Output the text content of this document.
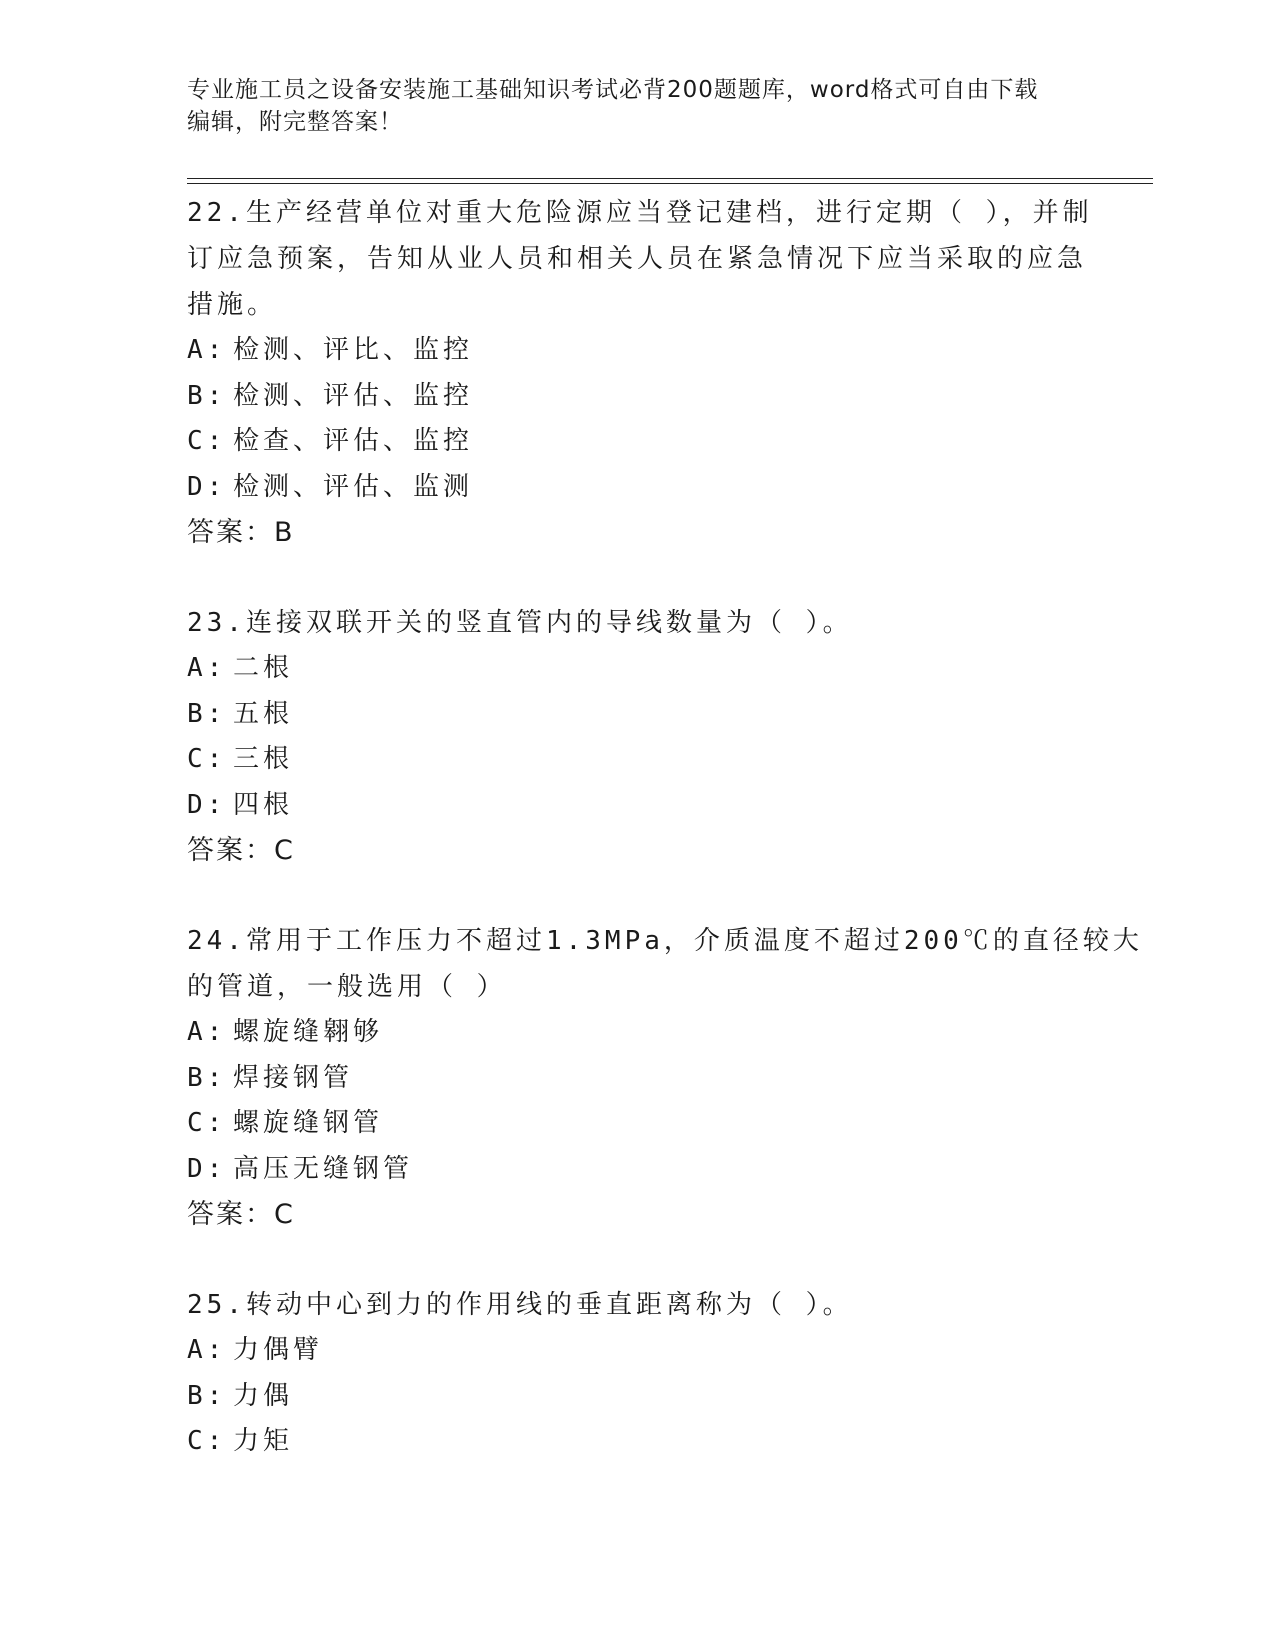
专业施工员之设备安装施工基础知识考试必背200题题库，word格式可自由下载
编辑，附完整答案！
22.生产经营单位对重大危险源应当登记建档，进行定期（ ），并制
订应急预案，告知从业人员和相关人员在紧急情况下应当采取的应急
措施。
A: 检测、评比、监控
B: 检测、评估、监控
C: 检查、评估、监控
D: 检测、评估、监测
答案：B
23.连接双联开关的竖直管内的导线数量为（ ）。
A: 二根
B: 五根
C: 三根
D: 四根
答案：C
24.常用于工作压力不超过1.3MPa，介质温度不超过200℃的直径较大
的管道，一般选用（ ）
A: 螺旋缝翱够
B: 焊接钢管
C: 螺旋缝钢管
D: 高压无缝钢管
答案：C
25.转动中心到力的作用线的垂直距离称为（ ）。
A: 力偶臂
B: 力偶
C: 力矩
